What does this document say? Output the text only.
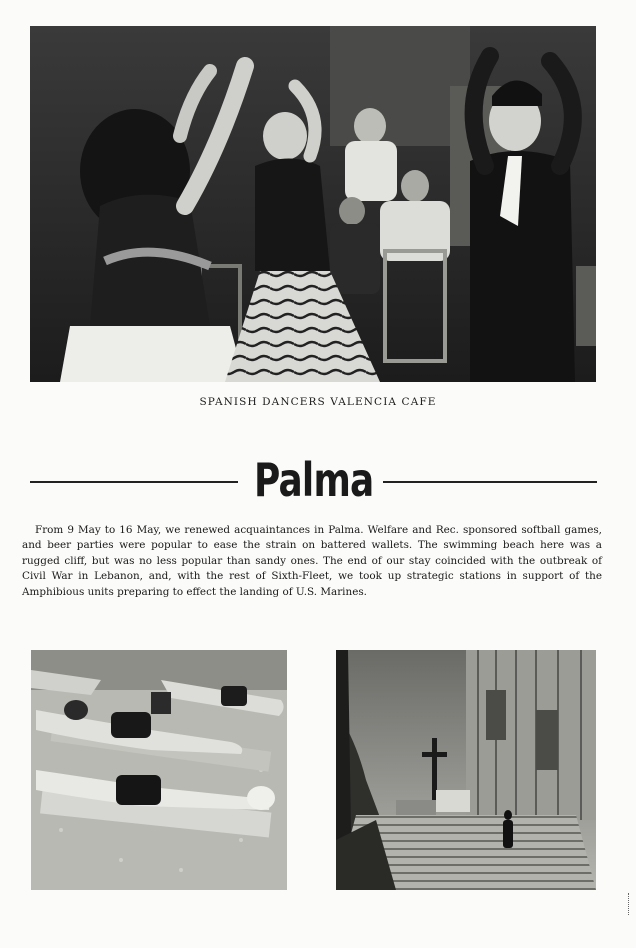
SPANISH DANCERS VALENCIA CAFE
Palma
From 9 May to 16 May, we renewed acquaintances in Palma. Welfare and Rec. sponsored softball games, and beer parties were popular to ease the strain on battered wallets. The swimming beach here was a rugged cliff, but was no less popular than sandy ones. The end of our stay coincided with the outbreak of Civil War in Lebanon, and, with the rest of Sixth-Fleet, we took up strategic stations in support of the Amphibious units preparing to effect the landing of U.S. Marines.
